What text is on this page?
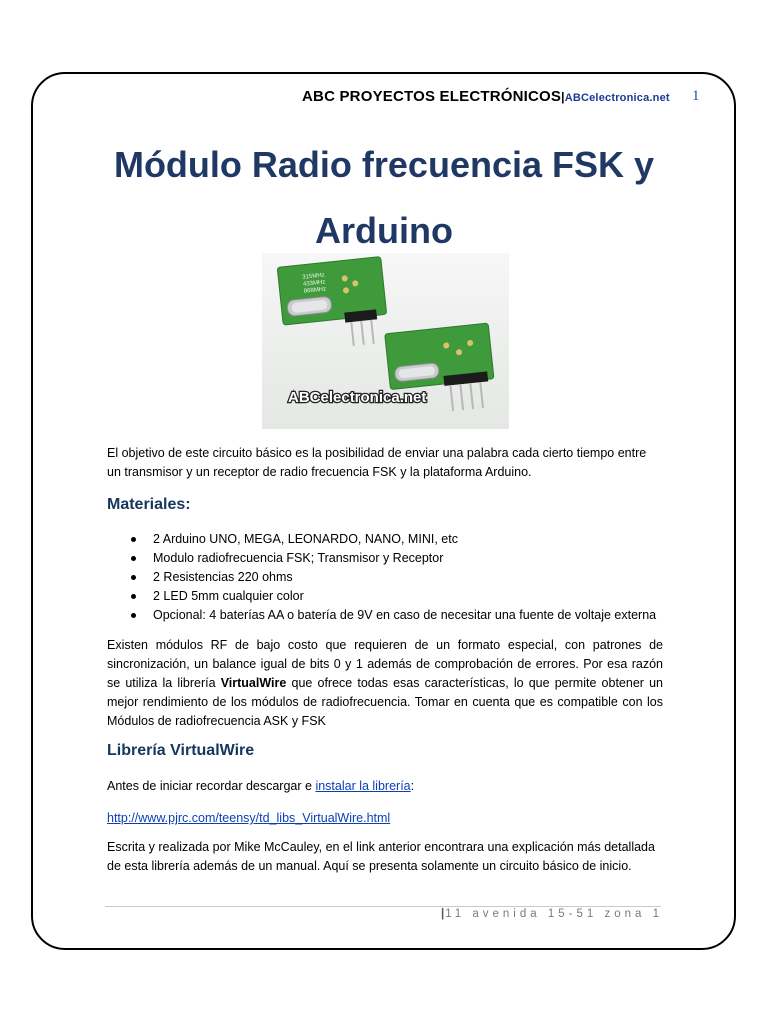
ABC PROYECTOS ELECTRÓNICOS|ABCelectronica.net 1
Módulo Radio frecuencia FSK y
Arduino
315MHz
433MHz
868MHz
ABCelectronica.net
El objetivo de este circuito básico es la posibilidad de enviar una palabra cada cierto tiempo entre un transmisor y un receptor de radio frecuencia FSK y la plataforma Arduino.
Materiales:
2 Arduino UNO, MEGA, LEONARDO, NANO, MINI, etc
Modulo radiofrecuencia FSK; Transmisor y Receptor
2 Resistencias 220 ohms
2 LED 5mm cualquier color
Opcional: 4 baterías AA o batería de 9V en caso de necesitar una fuente de voltaje externa
Existen módulos RF de bajo costo que requieren de un formato especial, con patrones de sincronización, un balance igual de bits 0 y 1 además de comprobación de errores. Por esa razón se utiliza la librería VirtualWire que ofrece todas esas características, lo que permite obtener un mejor rendimiento de los módulos de radiofrecuencia. Tomar en cuenta que es compatible con los Módulos de radiofrecuencia ASK y FSK
Librería VirtualWire
Antes de iniciar recordar descargar e instalar la librería:
http://www.pjrc.com/teensy/td_libs_VirtualWire.html
Escrita y realizada por Mike McCauley, en el link anterior encontrara una explicación más detallada de esta librería además de un manual. Aquí se presenta solamente un circuito básico de inicio.
|11 avenida 15-51 zona 1
